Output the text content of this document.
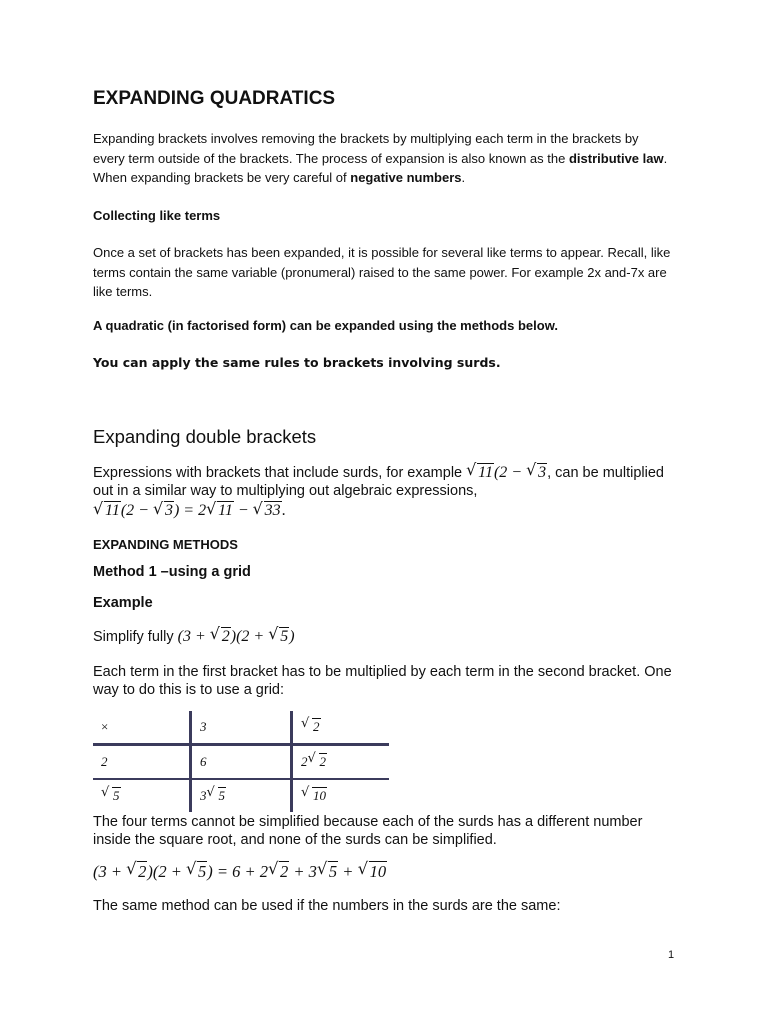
EXPANDING QUADRATICS

Expanding brackets involves removing the brackets by multiplying each term in the brackets by every term outside of the brackets. The process of expansion is also known as the distributive law. When expanding brackets be very careful of negative numbers.

Collecting like terms

Once a set of brackets has been expanded, it is possible for several like terms to appear. Recall, like terms contain the same variable (pronumeral) raised to the same power. For example 2x and-7x are like terms.

A quadratic (in factorised form) can be expanded using the methods below.

You can apply the same rules to brackets involving surds.

Expanding double brackets

Expressions with brackets that include surds, for example √ 11(2 − √ 3, can be multiplied out in a similar way to multiplying out algebraic expressions,

√ 11(2 − √ 3) = 2 √ 11 − √ 33.

EXPANDING METHODS

Method 1 –using a grid

Example

Simplify fully (3 + √ 2)(2 + √ 5)

Each term in the first bracket has to be multiplied by each term in the second bracket. One way to do this is to use a grid:

×	3	√ 2
2	6	2 √ 2

√ 5	3 √ 5	√ 10

The four terms cannot be simplified because each of the surds has a different number inside the square root, and none of the surds can be simplified.

(3 + √ 2)(2 + √ 5) = 6 + 2 √ 2 + 3 √ 5 + √ 10

The same method can be used if the numbers in the surds are the same:

1
